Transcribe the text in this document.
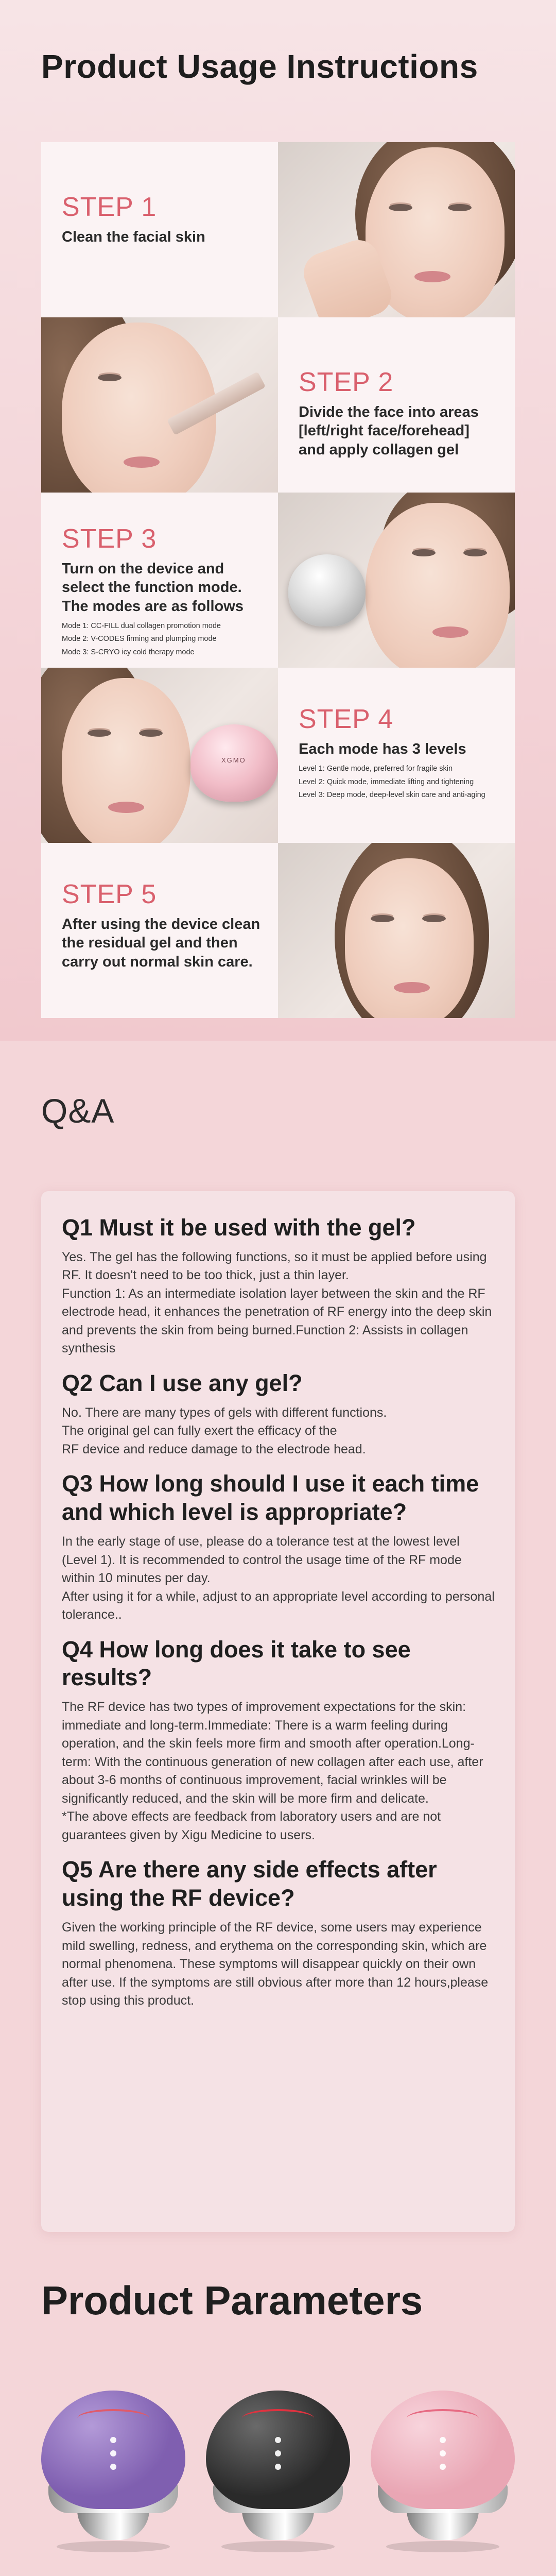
Product Usage Instructions
STEP 1
Clean the facial skin
STEP 2
Divide the face into areas [left/right face/forehead] and apply collagen gel
STEP 3
Turn on the device and select the function mode. The modes are as follows
Mode 1: CC-FILL dual collagen promotion mode
Mode 2: V-CODES firming and plumping mode
Mode 3: S-CRYO icy cold therapy mode
XGMO
STEP 4
Each mode has 3 levels
Level 1: Gentle mode, preferred for fragile skin
Level 2: Quick mode, immediate lifting and tightening
Level 3: Deep mode, deep-level skin care and anti-aging
STEP 5
After using the device clean the residual gel and then carry out normal skin care.
Q&A
Q1 Must it be used with the gel?

Yes. The gel has the following functions, so it must be applied before using RF. It doesn't need to be too thick, just a thin layer.

Function 1: As an intermediate isolation layer between the skin and the RF electrode head, it enhances the penetration of RF energy into the deep skin and prevents the skin from being burned.Function 2: Assists in collagen synthesis

Q2 Can I use any gel?

No. There are many types of gels with different functions.

The original gel can fully exert the efficacy of the

RF device and reduce damage to the electrode head.

Q3 How long should I use it each time and which level is appropriate?

In the early stage of use, please do a tolerance test at the lowest level (Level 1). It is recommended to control the usage time of the RF mode within 10 minutes per day.

After using it for a while, adjust to an appropriate level according to personal tolerance..

Q4 How long does it take to see results?

The RF device has two types of improvement expectations for the skin: immediate and long-term.Immediate: There is a warm feeling during operation, and the skin feels more firm and smooth after operation.Long-term: With the continuous generation of new collagen after each use, after about 3-6 months of continuous improvement, facial wrinkles will be significantly reduced, and the skin will be more firm and delicate.

*The above effects are feedback from laboratory users and are not guarantees given by Xigu Medicine to users.

Q5 Are there any side effects after using the RF device?

Given the working principle of the RF device, some users may experience mild swelling, redness, and erythema on the corresponding skin, which are normal phenomena. These symptoms will disappear quickly on their own after use. If the symptoms are still obvious after more than 12 hours,please stop using this product.

Product Parameters
